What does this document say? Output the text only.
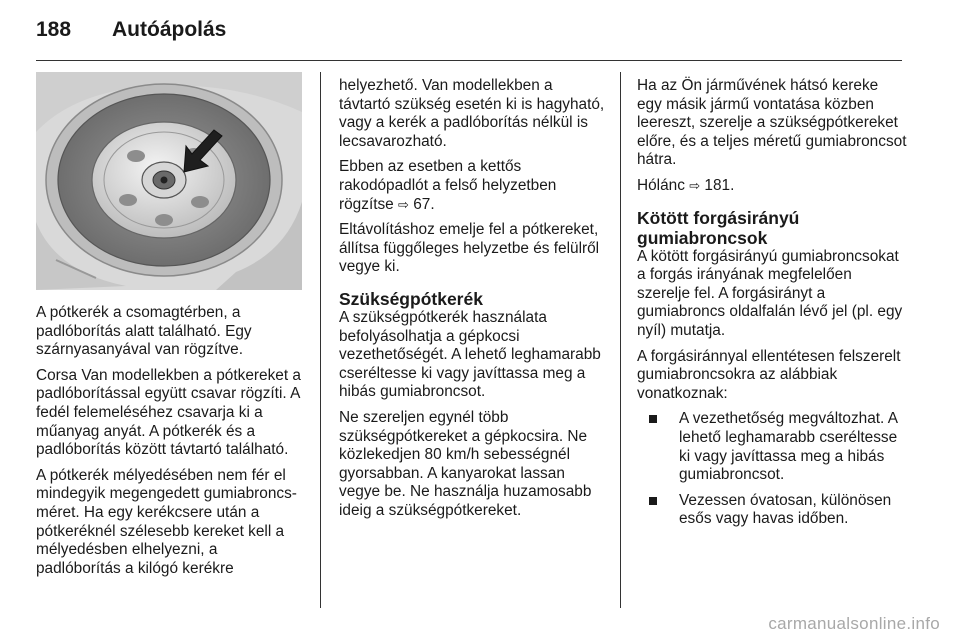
188	Autóápolás

A pótkerék a csomagtérben, a padlóborítás alatt található. Egy szárnyasanyával van rögzítve.

Corsa Van modellekben a pótkereket a padlóborítással együtt csavar rögzíti. A fedél felemeléséhez csavarja ki a műanyag anyát. A pótkerék és a padlóborítás között távtartó található.

A pótkerék mélyedésében nem fér el mindegyik megengedett gumiabroncs-méret. Ha egy kerékcsere után a pótkeréknél szélesebb kereket kell a mélyedésben elhelyezni, a padlóborítás a kilógó kerékre

helyezhető. Van modellekben a távtartó szükség esetén ki is hagyható, vagy a kerék a padlóborítás nélkül is lecsavarozható.

Ebben az esetben a kettős rakodópadlót a felső helyzetben rögzítse ⇨ 67.

Eltávolításhoz emelje fel a pótkereket, állítsa függőleges helyzetbe és felülről vegye ki.

Szükségpótkerék

A szükségpótkerék használata befolyásolhatja a gépkocsi vezethetőségét. A lehető leghamarabb cseréltesse ki vagy javíttassa meg a hibás gumiabroncsot.

Ne szereljen egynél több szükségpótkereket a gépkocsira. Ne közlekedjen 80 km/h sebességnél gyorsabban. A kanyarokat lassan vegye be. Ne használja huzamosabb ideig a szükségpótkereket.

Ha az Ön járművének hátsó kereke egy másik jármű vontatása közben leereszt, szerelje a szükségpótkereket előre, és a teljes méretű gumiabroncsot hátra.

Hólánc ⇨ 181.

Kötött forgásirányú gumiabroncsok

A kötött forgásirányú gumiabroncsokat a forgás irányának megfelelően szerelje fel. A forgásirányt a gumiabroncs oldalfalán lévő jel (pl. egy nyíl) mutatja.

A forgásiránnyal ellentétesen felszerelt gumiabroncsokra az alábbiak vonatkoznak:

A vezethetőség megváltozhat. A lehető leghamarabb cseréltesse ki vagy javíttassa meg a hibás gumiabroncsot.
Vezessen óvatosan, különösen esős vagy havas időben.
carmanualsonline.info
